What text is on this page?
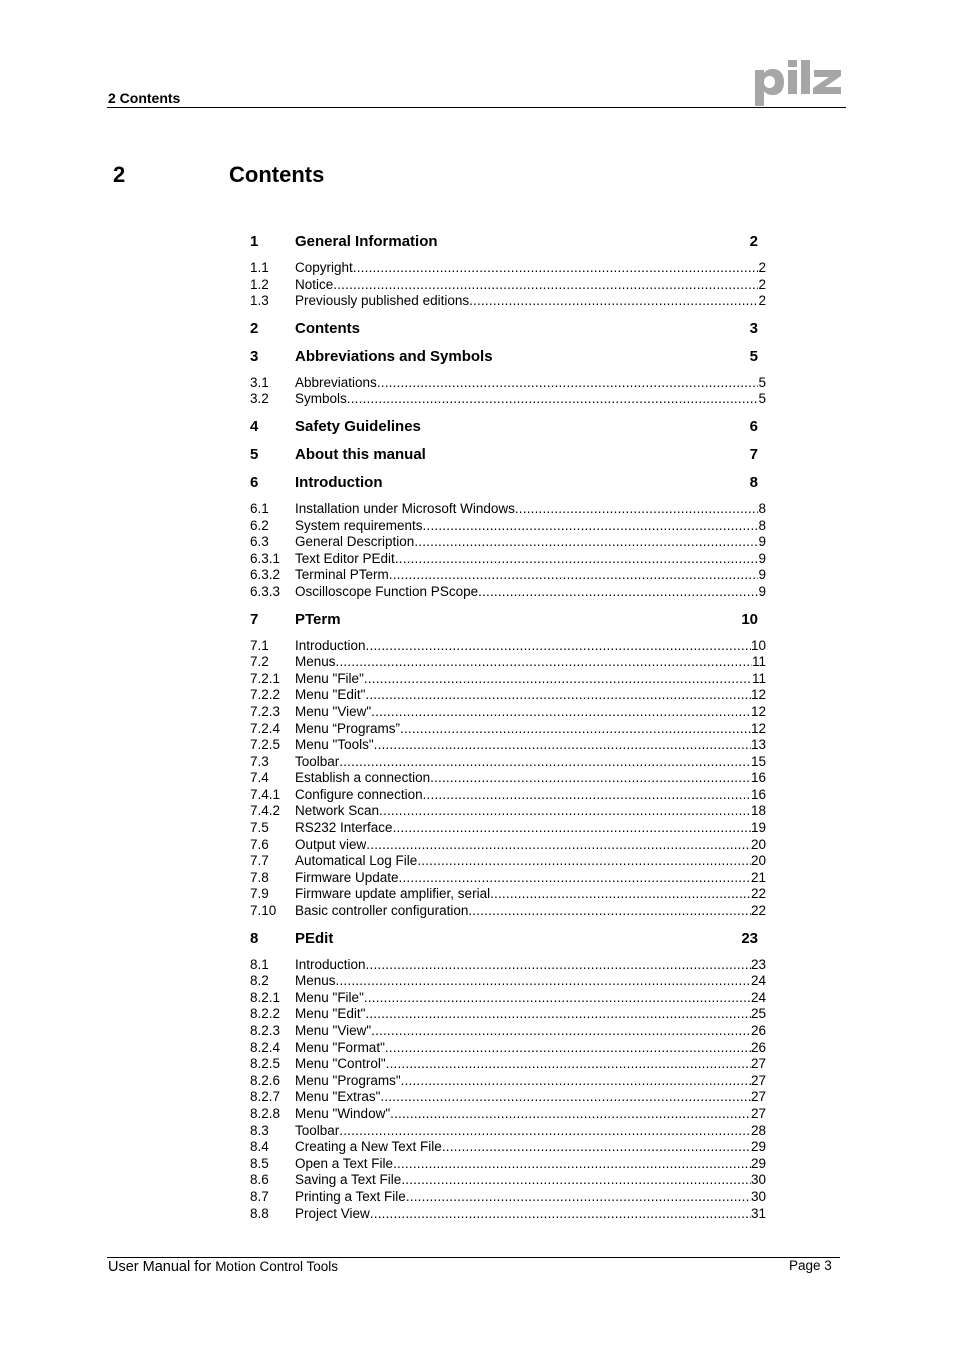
2 Contents
2	Contents
1	General Information	2
1.1	Copyright .....	2
1.2	Notice .....	2
1.3	Previously published editions .....	2
2	Contents	3
3	Abbreviations and Symbols	5
3.1	Abbreviations .....	5
3.2	Symbols .....	5
4	Safety Guidelines	6
5	About this manual	7
6	Introduction	8
6.1	Installation under Microsoft Windows .....	8
6.2	System requirements .....	8
6.3	General Description .....	9
6.3.1	Text Editor PEdit .....	9
6.3.2	Terminal PTerm .....	9
6.3.3	Oscilloscope Function PScope .....	9
7	PTerm	10
7.1	Introduction .....	10
7.2	Menus .....	11
7.2.1	Menu "File" .....	11
7.2.2	Menu "Edit" .....	12
7.2.3	Menu "View" .....	12
7.2.4	Menu “Programs” .....	12
7.2.5	Menu "Tools" .....	13
7.3	Toolbar .....	15
7.4	Establish a connection .....	16
7.4.1	Configure connection .....	16
7.4.2	Network Scan .....	18
7.5	RS232 Interface .....	19
7.6	Output view .....	20
7.7	Automatical Log File .....	20
7.8	Firmware Update .....	21
7.9	Firmware update amplifier, serial .....	22
7.10	Basic controller configuration .....	22
8	PEdit	23
8.1	Introduction .....	23
8.2	Menus .....	24
8.2.1	Menu "File" .....	24
8.2.2	Menu "Edit" .....	25
8.2.3	Menu "View" .....	26
8.2.4	Menu "Format" .....	26
8.2.5	Menu "Control" .....	27
8.2.6	Menu "Programs" .....	27
8.2.7	Menu "Extras" .....	27
8.2.8	Menu "Window" .....	27
8.3	Toolbar .....	28
8.4	Creating a New Text File .....	29
8.5	Open a Text File .....	29
8.6	Saving a Text File .....	30
8.7	Printing a Text File .....	30
8.8	Project View .....	31
User Manual for Motion Control Tools	Page 3
